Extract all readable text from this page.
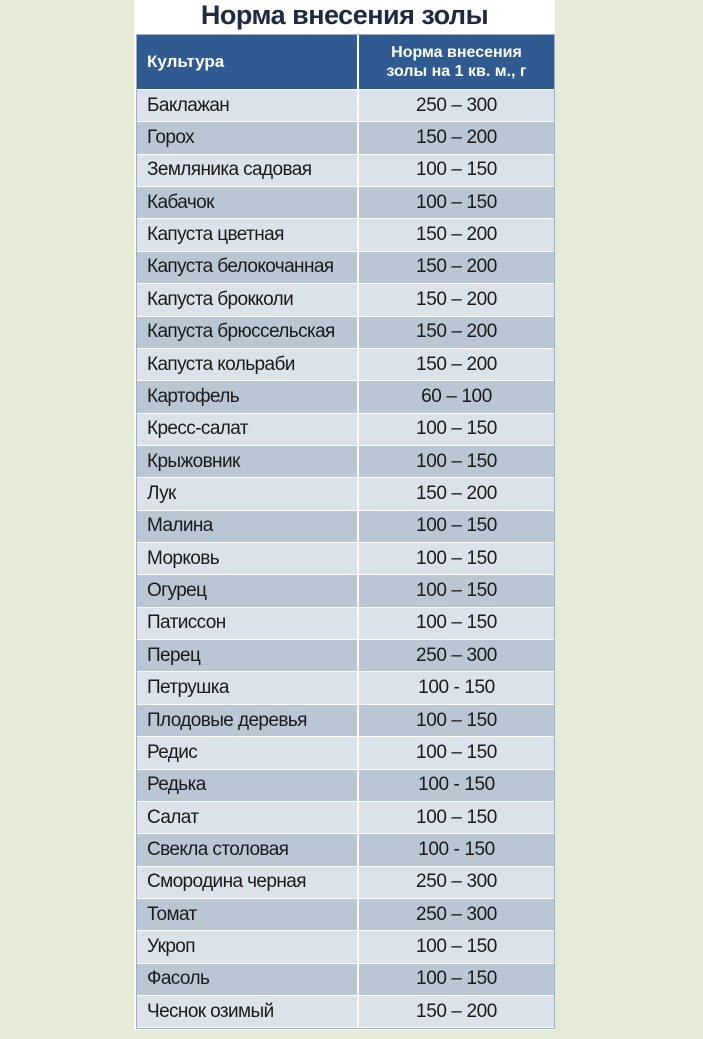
Норма внесения золы
Культура	Норма внесения
золы на 1 кв. м., г
Баклажан	250 – 300
Горох	150 – 200
Земляника садовая	100 – 150
Кабачок	100 – 150
Капуста цветная	150 – 200
Капуста белокочанная	150 – 200
Капуста брокколи	150 – 200
Капуста брюссельская	150 – 200
Капуста кольраби	150 – 200
Картофель	60 – 100
Кресс-салат	100 – 150
Крыжовник	100 – 150
Лук	150 – 200
Малина	100 – 150
Морковь	100 – 150
Огурец	100 – 150
Патиссон	100 – 150
Перец	250 – 300
Петрушка	100 - 150
Плодовые деревья	100 – 150
Редис	100 – 150
Редька	100 - 150
Салат	100 – 150
Свекла столовая	100 - 150
Смородина черная	250 – 300
Томат	250 – 300
Укроп	100 – 150
Фасоль	100 – 150
Чеснок озимый	150 – 200
